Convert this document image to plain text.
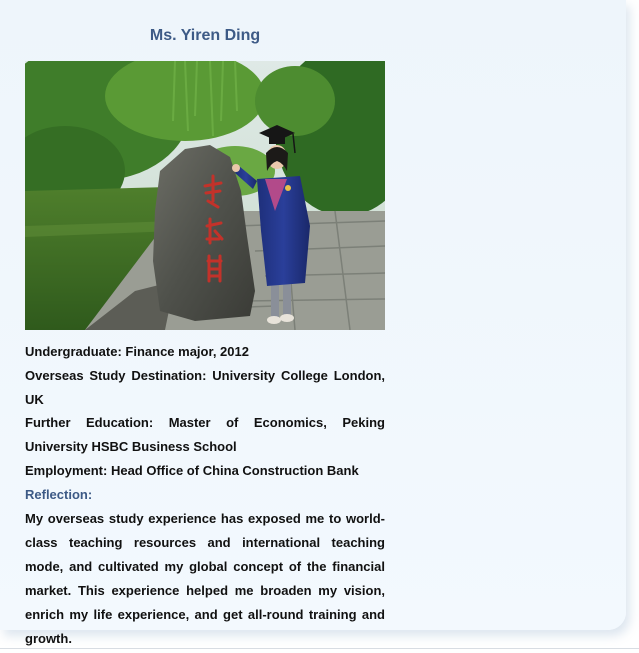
Ms. Yiren Ding

Undergraduate: Finance major, 2012

Overseas Study Destination: University College London, UK

Further Education: Master of Economics, Peking University HSBC Business School

Employment: Head Office of China Construction Bank

Reflection:

My overseas study experience has exposed me to world-class teaching resources and international teaching mode, and cultivated my global concept of the financial market. This experience helped me broaden my vision, enrich my life experience, and get all-round training and growth.
